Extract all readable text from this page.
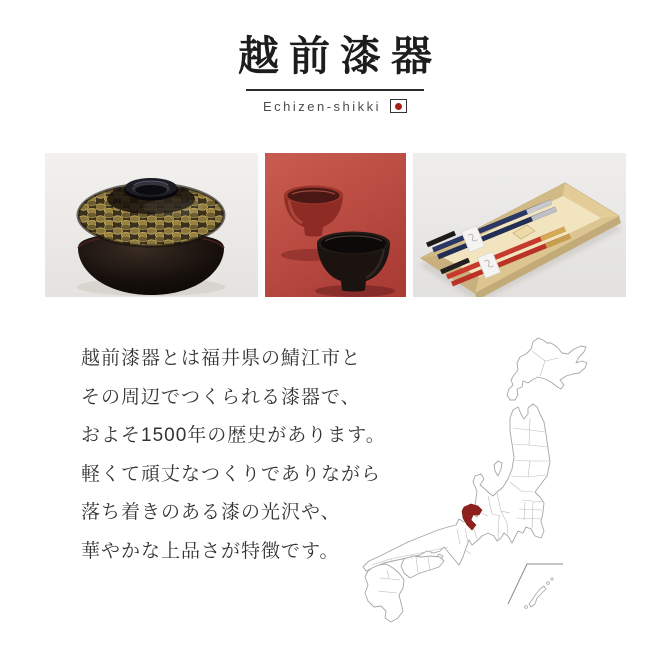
越前漆器
Echizen-shikki

越前漆器とは福井県の鯖江市と

その周辺でつくられる漆器で、

およそ1500年の歴史があります。

軽くて頑丈なつくりでありながら

落ち着きのある漆の光沢や、

華やかな上品さが特徴です。
